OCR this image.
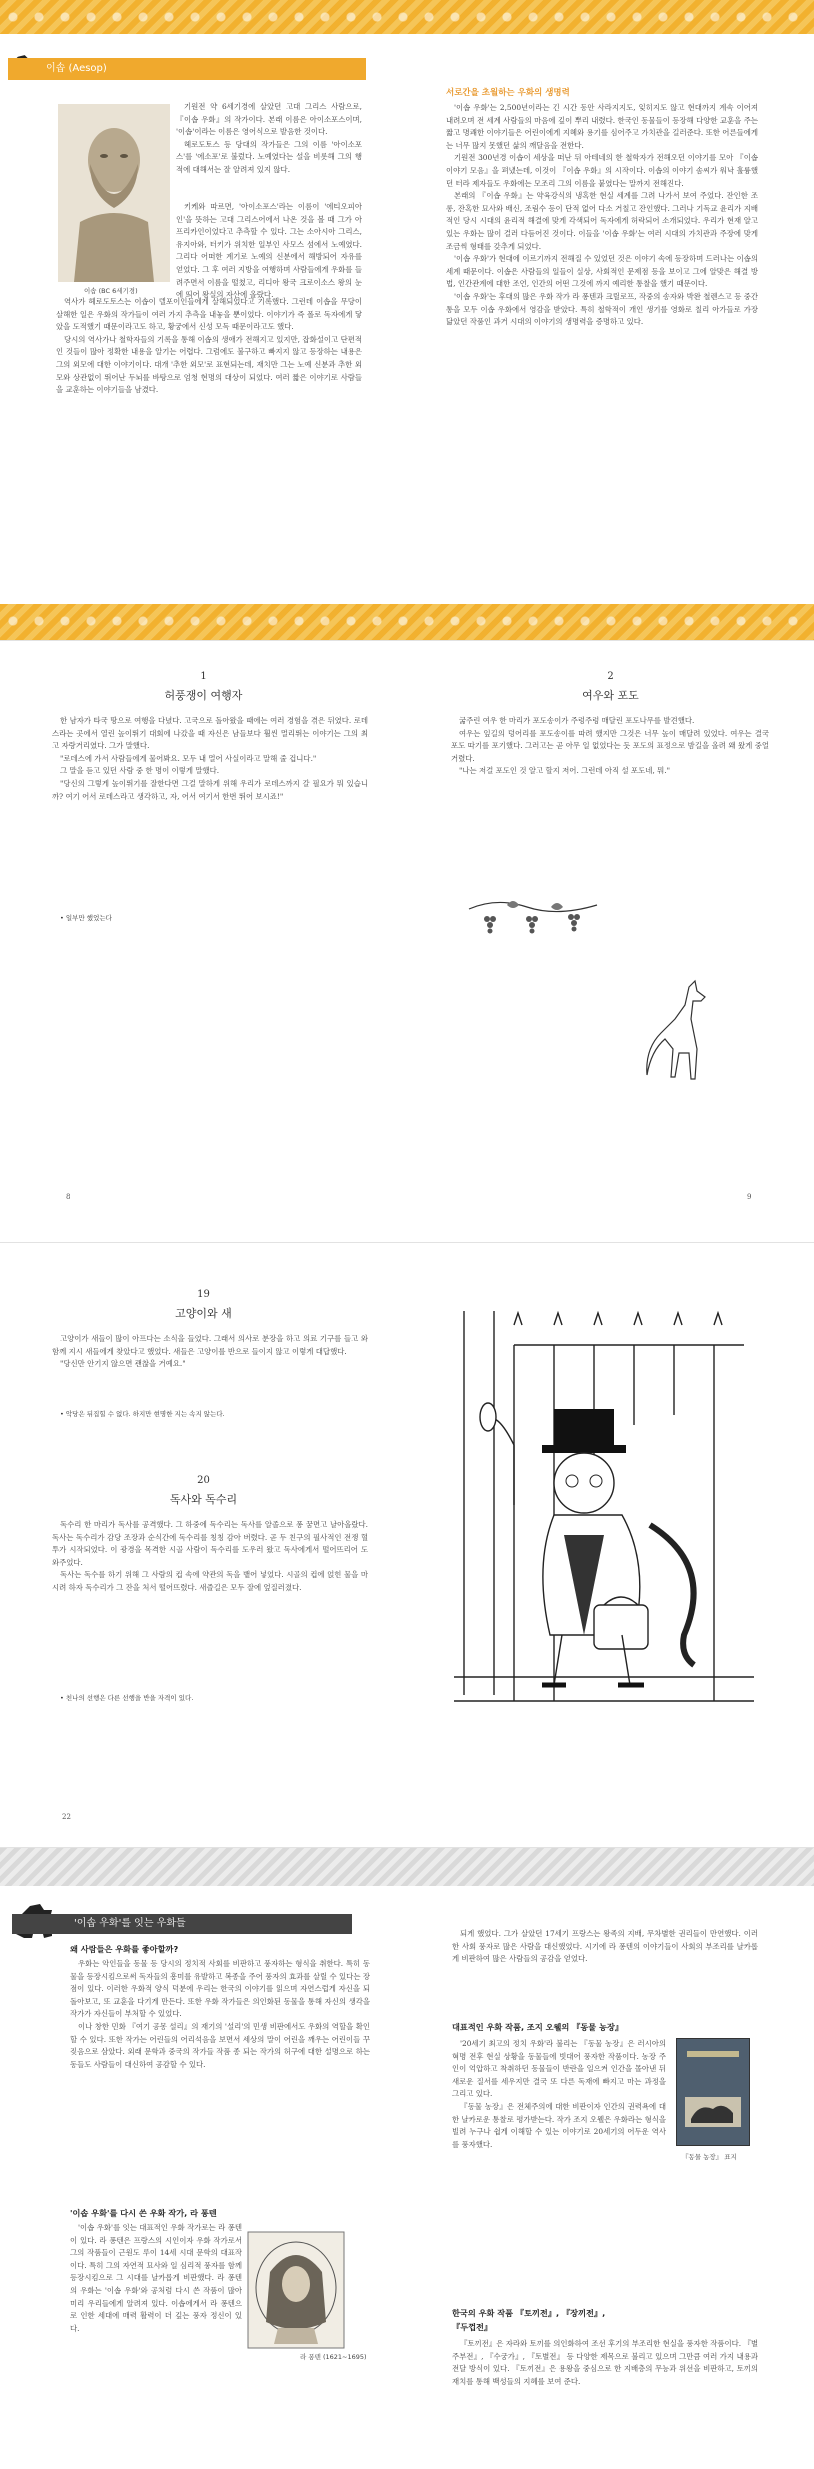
이솝 (Aesop)
이솝 (BC 6세기경)

기원전 약 6세기경에 살았던 고대 그리스 사람으로, 『이솝 우화』의 작가이다. 본래 이름은 아이소포스이며, '이솝'이라는 이름은 영어식으로 발음한 것이다.

헤로도토스 등 당대의 작가들은 그의 이름 '아이소포스'를 '에소포'로 불렀다. 노예였다는 설을 비롯해 그의 행적에 대해서는 잘 알려져 있지 않다.

키케와 따르면, '아이소포스'라는 이름이 '에티오피아인'을 뜻하는 고대 그리스어에서 나온 것을 볼 때 그가 아프리카인이었다고 추측할 수 있다. 그는 소아시아 그리스, 유지아와, 터키가 위치한 일부인 사모스 섬에서 노예였다. 그리다 어떠한 계기로 노예의 신분에서 해방되어 자유를 얻었다. 그 후 여러 지방을 여행하며 사람들에게 우화를 들려주면서 이름을 떨쳤고, 리디아 왕국 크로이소스 왕의 눈에 띄어 왕실의 자산에 올랐다.

역사가 헤로도토스는 이솝이 델포이인들에게 살해되었다고 기록했다. 그런데 이솝을 무당이 살해한 일은 우화의 작가들이 여러 가지 추측을 내놓을 뿐이었다. 이야기가 즉 폴로 독자에게 닿았을 도적했기 때문이라고도 하고, 황궁에서 신성 모독 때문이라고도 했다.

당시의 역사가나 철학자들의 기록을 통해 이솝의 생애가 전해지고 있지만, 잡화설이고 단편적인 것들이 많아 정확한 내용을 알기는 어렵다. 그럼에도 불구하고 빠지지 않고 등장하는 내용은 그의 외모에 대한 이야기이다. 대개 '추한 외모'로 표현되는데, 재치만 그는 노예 신분과 추한 외모와 상관없이 뛰어난 두뇌를 바탕으로 엄청 현명의 대상이 되었다. 여러 짧은 이야기로 사람들을 교훈하는 이야기들을 남겼다.

서로간을 초월하는 우화의 생명력

'이솝 우화'는 2,500년이라는 긴 시간 동안 사라지지도, 잊히지도 않고 현대까지 계속 이어져 내려오며 전 세계 사람들의 마음에 깊이 뿌리 내렸다. 한국인 동물들이 등장해 다양한 교훈을 주는 짧고 명쾌한 이야기들은 어린이에게 지혜와 용기를 심어주고 가치관을 길러준다. 또한 어른들에게는 너무 많지 못했던 삶의 깨달음을 전한다.

기원전 300년경 이솝이 세상을 떠난 뒤 아테네의 한 철학자가 전해오던 이야기를 모아 『이솝 이야기 모음』을 펴냈는데, 이것이 『이솝 우화』의 시작이다. 이솝의 이야기 솜씨가 워낙 훌륭했던 터라 제자들도 우화에는 모조리 그의 이름을 붙였다는 말까지 전해진다.

본래의 『이솝 우화』는 약육강식의 냉혹한 현실 세계를 그려 나가서 보여 주었다. 잔인한 조롱, 잔혹한 묘사와 배신, 조림수 등이 단적 없어 다소 거칠고 잔인했다. 그러나 기독교 윤리가 지배적인 당시 시대의 윤리적 해결에 맞게 각색되어 독자에게 허락되어 소개되었다. 우리가 현재 알고 있는 우화는 많이 걸러 다듬어진 것이다. 이들을 '이솝 우화'는 여러 시대의 가치관과 주장에 맞게 조금씩 형태를 갖추게 되었다.

'이솝 우화'가 현대에 이르기까지 전해질 수 있었던 것은 이야기 속에 등장하며 드러나는 이솝의 세계 때문이다. 이솝은 사람들의 일들이 실상, 사회적인 문제점 등을 보이고 그에 알맞은 해결 방법, 인간관계에 대한 조언, 인간의 어떤 그것에 까지 예리한 통찰을 했기 때문이다.

'이솝 우화'는 후대의 많은 우화 작가 라 퐁텐과 크릴로프, 작중의 송자와 박완 철렌스고 등 중간 통을 모두 이솝 우화에서 영감을 받았다. 특히 철학적이 개인 생기를 영화로 칠리 아가들로 가장 닮았던 작품인 과거 시대의 이야기의 생명력을 증명하고 있다.

1
허풍쟁이 여행자

한 남자가 타국 땅으로 여행을 다녔다. 고국으로 돌아왔을 때에는 여러 경험을 겪은 뒤였다. 로데스라는 곳에서 열린 높이뛰기 대회에 나갔을 때 자신은 남들보다 훨씬 멀리뛰는 이야기는 그의 최고 자랑거리였다. 그가 말했다.

"로데스에 가서 사람들에게 물어봐요. 모두 내 멀어 사실이라고 말해 줄 겁니다."

그 말을 듣고 있던 사람 중 한 명이 이렇게 말했다.

"당신의 그렇게 높이뛰기를 잘한다면 그걸 말하게 위해 우리가 로데스까지 갈 필요가 뭐 있습니까? 여기 어서 로데스라고 생각하고, 자, 어서 여기서 한번 뛰어 보시죠!"

• 일부만 했었는다
8
2
여우와 포도

굶주린 여우 한 마리가 포도송이가 주렁주렁 매달린 포도나무를 발견했다.

여우는 잎길의 덩어리를 포도송이를 따려 했지만 그것은 너무 높이 매달려 있었다. 여우는 결국 포도 따기를 포기했다. 그러고는 곧 아무 일 없었다는 듯 포도의 표정으로 밤길을 올려 왜 왔게 중얼거렸다.

"나는 저걸 포도인 것 알고 할지 저어. 그런데 아직 설 포도네, 뭐."

9
19
고양이와 새

고양이가 새들이 많이 아프다는 소식을 들었다. 그래서 의사로 분장을 하고 의료 기구를 들고 와 함께 지시 새들에게 찾았다고 했었다. 새들은 고양이를 반으로 들이지 않고 이렇게 대답했다.

"당신만 안기지 않으면 괜찮을 거예요."

• 악당은 뒤집힐 수 없다. 하지만 현명한 지는 속지 않는다.
20
독사와 독수리

독수리 한 마리가 독사를 공격했다. 그 하중에 독수리는 독사를 알졸으로 퐁 꿈면고 날아올랐다. 독사는 독수리가 감당 조장과 순식간에 독수리를 칭칭 감아 버렸다. 곧 두 친구의 필사적인 전쟁 혈투가 시작되었다. 이 광경을 목격한 시골 사람이 독수리를 도우러 왔고 독사에게서 떨어뜨리어 도와주었다.

독사는 독수를 하기 위해 그 사람의 컵 속에 약관의 독을 뱉어 넣었다. 시골의 컵에 얹힌 물을 마시려 하자 독수리가 그 잔을 처서 떨어뜨렸다. 새즐길은 모두 잘에 엎질러졌다.

• 친나의 선행은 다른 선행을 반을 자격이 있다.
22
'이솝 우화'를 잇는 우화들
왜 사람들은 우화를 좋아할까?

우화는 악인들을 동물 등 당시의 정치적 사회를 비판하고 풍자하는 형식을 취한다. 특히 동물을 등장시킴으로써 독자들의 흥미를 유발하고 복종을 주어 풍자의 효과를 살릴 수 있다는 장점이 있다. 이러한 우화적 양식 덕분에 우리는 한국의 이야기를 읽으며 자연스럽게 자신을 되돌아보고, 또 교훈을 다기게 만든다. 또한 우화 작가들은 의인화된 동물을 통해 자신의 생각을 작가가 자신들이 부처할 수 있었다.

이나 창한 민화 『여기 공몽 설리』의 재기의 '설리'의 민생 비판에서도 우화의 역할을 확인할 수 있다. 또한 작가는 어린들의 어리석음을 보면서 세상의 말이 어린을 깨우는 어린이들 꾸짖음으로 삼았다. 외래 문학과 중국의 작가들 작품 종 되는 작가의 허구에 대한 설명으로 하는 동들도 사람들이 대신하여 공감할 수 있다.

'이솝 우화'를 다시 쓴 우화 작가, 라 퐁텐

'이솝 우화'를 잇는 대표적인 우화 작가로는 라 퐁텐이 있다. 라 퐁텐은 프랑스의 시인이자 우화 작가로서 그의 작품들이 근원도 루이 14세 시대 문학의 대표작이다. 특히 그의 자연적 묘사와 일 심리적 풍자를 함께 등장시킴으로 그 시대를 날카롭게 비판했다. 라 퐁텐의 우화는 '이솝 우화'와 공처럼 다시 쓴 작품이 많아 미리 우리들에게 알려져 있다. 이솝에게서 라 퐁텐으로 인한 세대에 매력 활력이 더 깊는 풍자 정신이 있다.

라 퐁텐 (1621~1695)

되게 했었다. 그가 살았던 17세기 프랑스는 왕족의 지배, 무차별한 권리들이 만연했다. 이러한 사회 풍자로 많은 사람을 대신했었다. 시기에 라 퐁텐의 이야기들이 사회의 부조리를 날카롭게 비판하여 많은 사람들의 공감을 얻었다.

대표적인 우화 작품, 조지 오웰의 『동물 농장』

'20세기 최고의 정치 우화'라 불리는 『동물 농장』은 러시아의 혁명 전후 현실 상황을 동물들에 빗대어 풍자한 작품이다. 농장 주인이 억압하고 착취하던 동물들이 반란을 일으켜 인간을 몰아낸 뒤 새로운 질서를 세우지만 결국 또 다른 독재에 빠지고 마는 과정을 그리고 있다.

『동물 농장』은 전체주의에 대한 비판이자 인간의 권력욕에 대한 날카로운 통찰로 평가받는다. 작가 조지 오웰은 우화라는 형식을 빌려 누구나 쉽게 이해할 수 있는 이야기로 20세기의 어두운 역사를 풍자했다.

『동물 농장』 표지
한국의 우화 작품 『토끼전』, 『장끼전』,
『두껍전』

『토끼전』은 자라와 토끼를 의인화하여 조선 후기의 부조리한 현실을 풍자한 작품이다. 『별주부전』, 『수궁가』, 『토별전』 등 다양한 제목으로 불리고 있으며 그만큼 여러 가지 내용과 전달 방식이 있다. 『토끼전』은 용왕을 중심으로 한 지배층의 무능과 위선을 비판하고, 토끼의 재치를 통해 백성들의 지혜를 보여 준다.
